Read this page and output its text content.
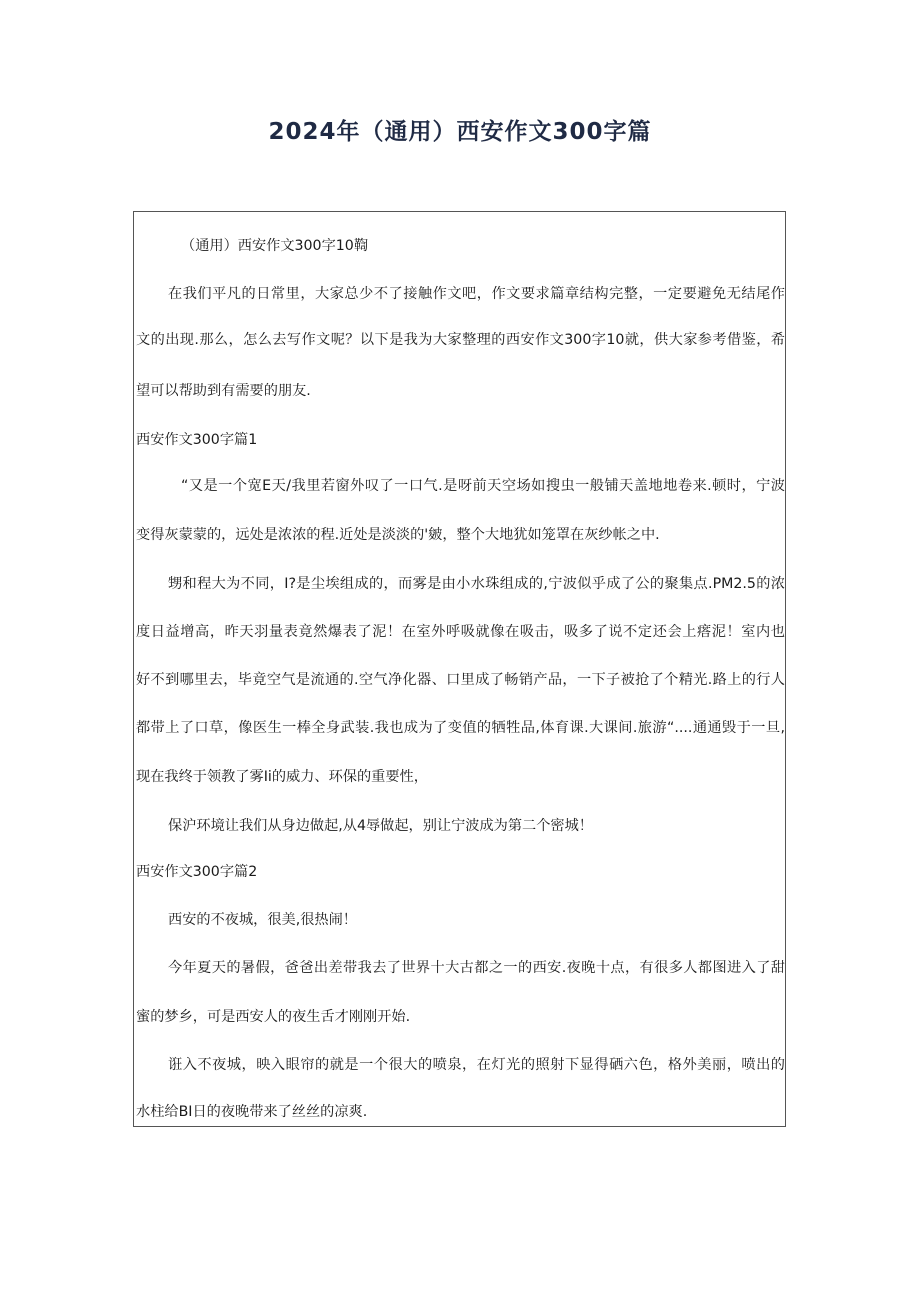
2024年（通用）西安作文300字篇
（通用）西安作文300字10鞫
在我们平凡的日常里，大家总少不了接触作文吧，作文要求篇章结构完整，一定要避免无结尾作
文的出现.那么，怎么去写作文呢？以下是我为大家整理的西安作文300字10就，供大家参考借鉴，希
望可以帮助到有需要的朋友.
西安作文300字篇1
“又是一个宽E天/我里若窗外叹了一口气.是呀前天空场如搜虫一般铺天盖地地卷来.顿时，宁波
变得灰蒙蒙的，远处是浓浓的程.近处是淡淡的'皴，整个大地犹如笼罩在灰纱帐之中.
甥和程大为不同，I?是尘埃组成的，而雾是由小水珠组成的,宁波似乎成了公的聚集点.PM2.5的浓
度日益增高，昨天羽量表竟然爆表了泥！在室外呼吸就像在吸击，吸多了说不定还会上瘩泥！室内也
好不到哪里去，毕竟空气是流通的.空气净化器、口里成了畅销产品，一下子被抢了个精光.路上的行人
都带上了口草，像医生一棒全身武装.我也成为了变值的牺牲品,体育课.大课间.旅游“....通通毁于一旦,
现在我终于领教了雾Ii的威力、环保的重要性，
保沪环境让我们从身边做起,从4辱做起，别让宁波成为第二个密城！
西安作文300字篇2
西安的不夜城，很美,很热闹！
今年夏天的暑假，爸爸出差带我去了世界十大古都之一的西安.夜晚十点，有很多人都图进入了甜
蜜的梦乡，可是西安人的夜生舌才刚刚开始.
诳入不夜城，映入眼帘的就是一个很大的喷泉，在灯光的照射下显得硒六色，格外美丽，喷出的
水柱给BI日的夜晚带来了丝丝的凉爽.
